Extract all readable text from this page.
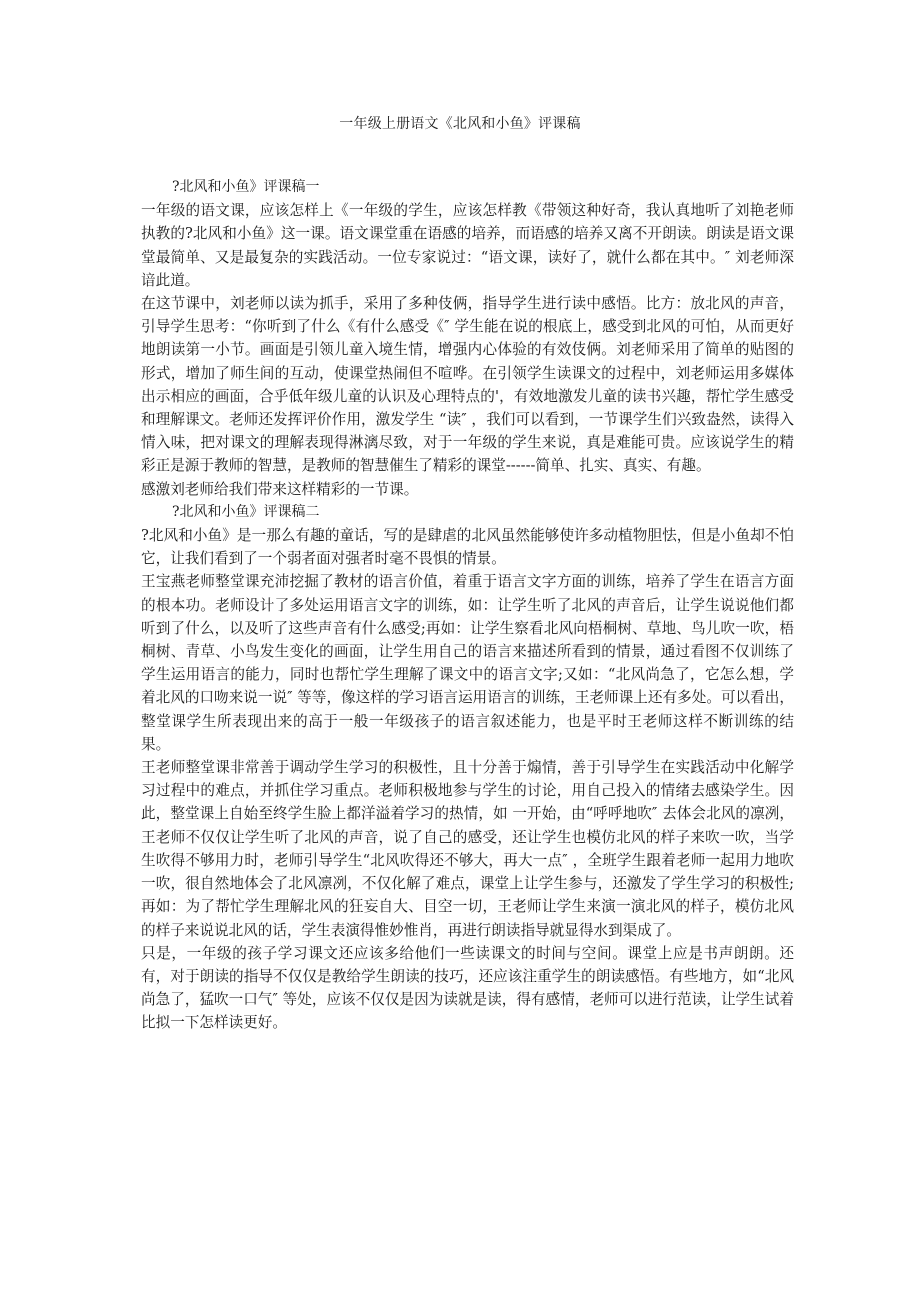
一年级上册语文《北风和小鱼》评课稿

?北风和小鱼》评课稿一

一年级的语文课，应该怎样上《一年级的学生，应该怎样教《带领这种好奇，我认真地听了刘艳老师执教的?北风和小鱼》这一课。语文课堂重在语感的培养，而语感的培养又离不开朗读。朗读是语文课堂最简单、又是最复杂的实践活动。一位专家说过：“语文课，读好了，就什么都在其中。″ 刘老师深谙此道。

在这节课中，刘老师以读为抓手，采用了多种伎俩，指导学生进行读中感悟。比方：放北风的声音，引导学生思考：“你听到了什么《有什么感受《″ 学生能在说的根底上，感受到北风的可怕，从而更好地朗读第一小节。画面是引领儿童入境生情，增强内心体验的有效伎俩。刘老师采用了简单的贴图的形式，增加了师生间的互动，使课堂热闹但不喧哗。在引领学生读课文的过程中，刘老师运用多媒体出示相应的画面，合乎低年级儿童的认识及心理特点的'，有效地激发儿童的读书兴趣，帮忙学生感受和理解课文。老师还发挥评价作用，激发学生 “读″ ，我们可以看到，一节课学生们兴致盎然，读得入情入味，把对课文的理解表现得淋漓尽致，对于一年级的学生来说，真是难能可贵。应该说学生的精彩正是源于教师的智慧，是教师的智慧催生了精彩的课堂------简单、扎实、真实、有趣。

感激刘老师给我们带来这样精彩的一节课。

?北风和小鱼》评课稿二

?北风和小鱼》是一那么有趣的童话，写的是肆虐的北风虽然能够使许多动植物胆怯，但是小鱼却不怕它，让我们看到了一个弱者面对强者时毫不畏惧的情景。

王宝燕老师整堂课充沛挖掘了教材的语言价值，着重于语言文字方面的训练，培养了学生在语言方面的根本功。老师设计了多处运用语言文字的训练，如：让学生听了北风的声音后，让学生说说他们都听到了什么，以及听了这些声音有什么感受;再如：让学生察看北风向梧桐树、草地、鸟儿吹一吹，梧桐树、青草、小鸟发生变化的画面，让学生用自己的语言来描述所看到的情景，通过看图不仅训练了学生运用语言的能力，同时也帮忙学生理解了课文中的语言文字;又如：“北风尚急了，它怎么想，学着北风的口吻来说一说″ 等等，像这样的学习语言运用语言的训练，王老师课上还有多处。可以看出，整堂课学生所表现出来的高于一般一年级孩子的语言叙述能力，也是平时王老师这样不断训练的结果。

王老师整堂课非常善于调动学生学习的积极性，且十分善于煽情，善于引导学生在实践活动中化解学习过程中的难点，并抓住学习重点。老师积极地参与学生的讨论，用自己投入的情绪去感染学生。因此，整堂课上自始至终学生脸上都洋溢着学习的热情，如 一开始，由“呼呼地吹″ 去体会北风的凛冽，王老师不仅仅让学生听了北风的声音，说了自己的感受，还让学生也模仿北风的样子来吹一吹，当学生吹得不够用力时，老师引导学生“北风吹得还不够大，再大一点″ ，全班学生跟着老师一起用力地吹一吹，很自然地体会了北风凛冽，不仅化解了难点，课堂上让学生参与，还激发了学生学习的积极性;再如：为了帮忙学生理解北风的狂妄自大、目空一切，王老师让学生来演一演北风的样子，模仿北风的样子来说说北风的话，学生表演得惟妙惟肖，再进行朗读指导就显得水到渠成了。

只是，一年级的孩子学习课文还应该多给他们一些读课文的时间与空间。课堂上应是书声朗朗。还有，对于朗读的指导不仅仅是教给学生朗读的技巧，还应该注重学生的朗读感悟。有些地方，如“北风尚急了，猛吹一口气″ 等处，应该不仅仅是因为读就是读，得有感情，老师可以进行范读，让学生试着比拟一下怎样读更好。
